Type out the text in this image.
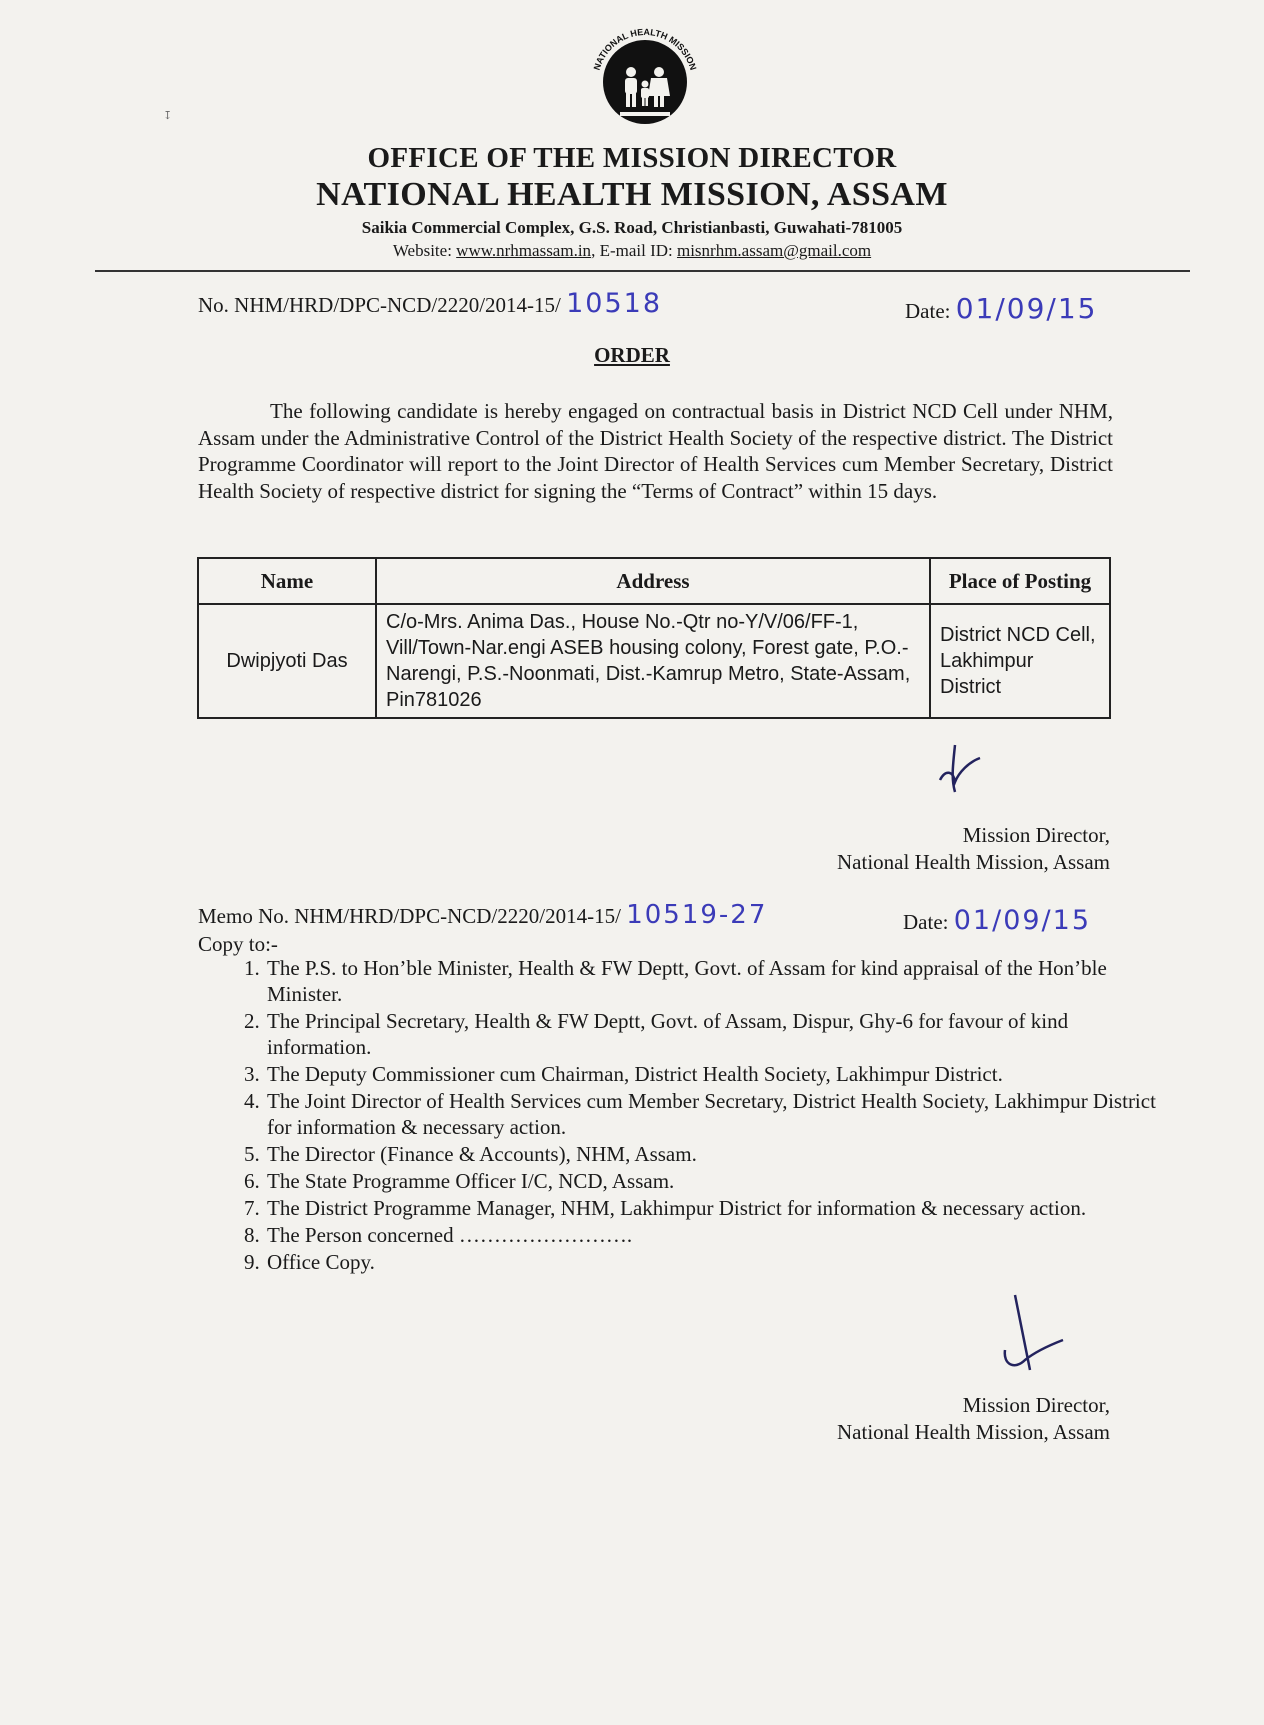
NATIONAL HEALTH MISSION
↧
OFFICE OF THE MISSION DIRECTOR
NATIONAL HEALTH MISSION, ASSAM
Saikia Commercial Complex, G.S. Road, Christianbasti, Guwahati-781005
Website: www.nrhmassam.in, E-mail ID: misnrhm.assam@gmail.com
No. NHM/HRD/DPC-NCD/2220/2014-15/ 10518	Date: 01/09/15
ORDER
The following candidate is hereby engaged on contractual basis in District NCD Cell under NHM, Assam under the Administrative Control of the District Health Society of the respective district. The District Programme Coordinator will report to the Joint Director of Health Services cum Member Secretary, District Health Society of respective district for signing the “Terms of Contract” within 15 days.
Name	Address	Place of Posting
Dwipjyoti Das	C/o-Mrs. Anima Das., House No.-Qtr no-Y/V/06/FF-1, Vill/Town-Nar.engi ASEB housing colony, Forest gate, P.O.-Narengi, P.S.-Noonmati, Dist.-Kamrup Metro, State-Assam, Pin781026	District NCD Cell, Lakhimpur District
Mission Director,
National Health Mission, Assam
Memo No. NHM/HRD/DPC-NCD/2220/2014-15/ 10519-27	Date: 01/09/15
Copy to:-
1. The P.S. to Hon’ble Minister, Health & FW Deptt, Govt. of Assam for kind appraisal of the Hon’ble Minister.
2. The Principal Secretary, Health & FW Deptt, Govt. of Assam, Dispur, Ghy-6 for favour of kind information.
3. The Deputy Commissioner cum Chairman, District Health Society, Lakhimpur District.
4. The Joint Director of Health Services cum Member Secretary, District Health Society, Lakhimpur District for information & necessary action.
5. The Director (Finance & Accounts), NHM, Assam.
6. The State Programme Officer I/C, NCD, Assam.
7. The District Programme Manager, NHM, Lakhimpur District for information & necessary action.
8. The Person concerned …………………….
9. Office Copy.
Mission Director,
National Health Mission, Assam
